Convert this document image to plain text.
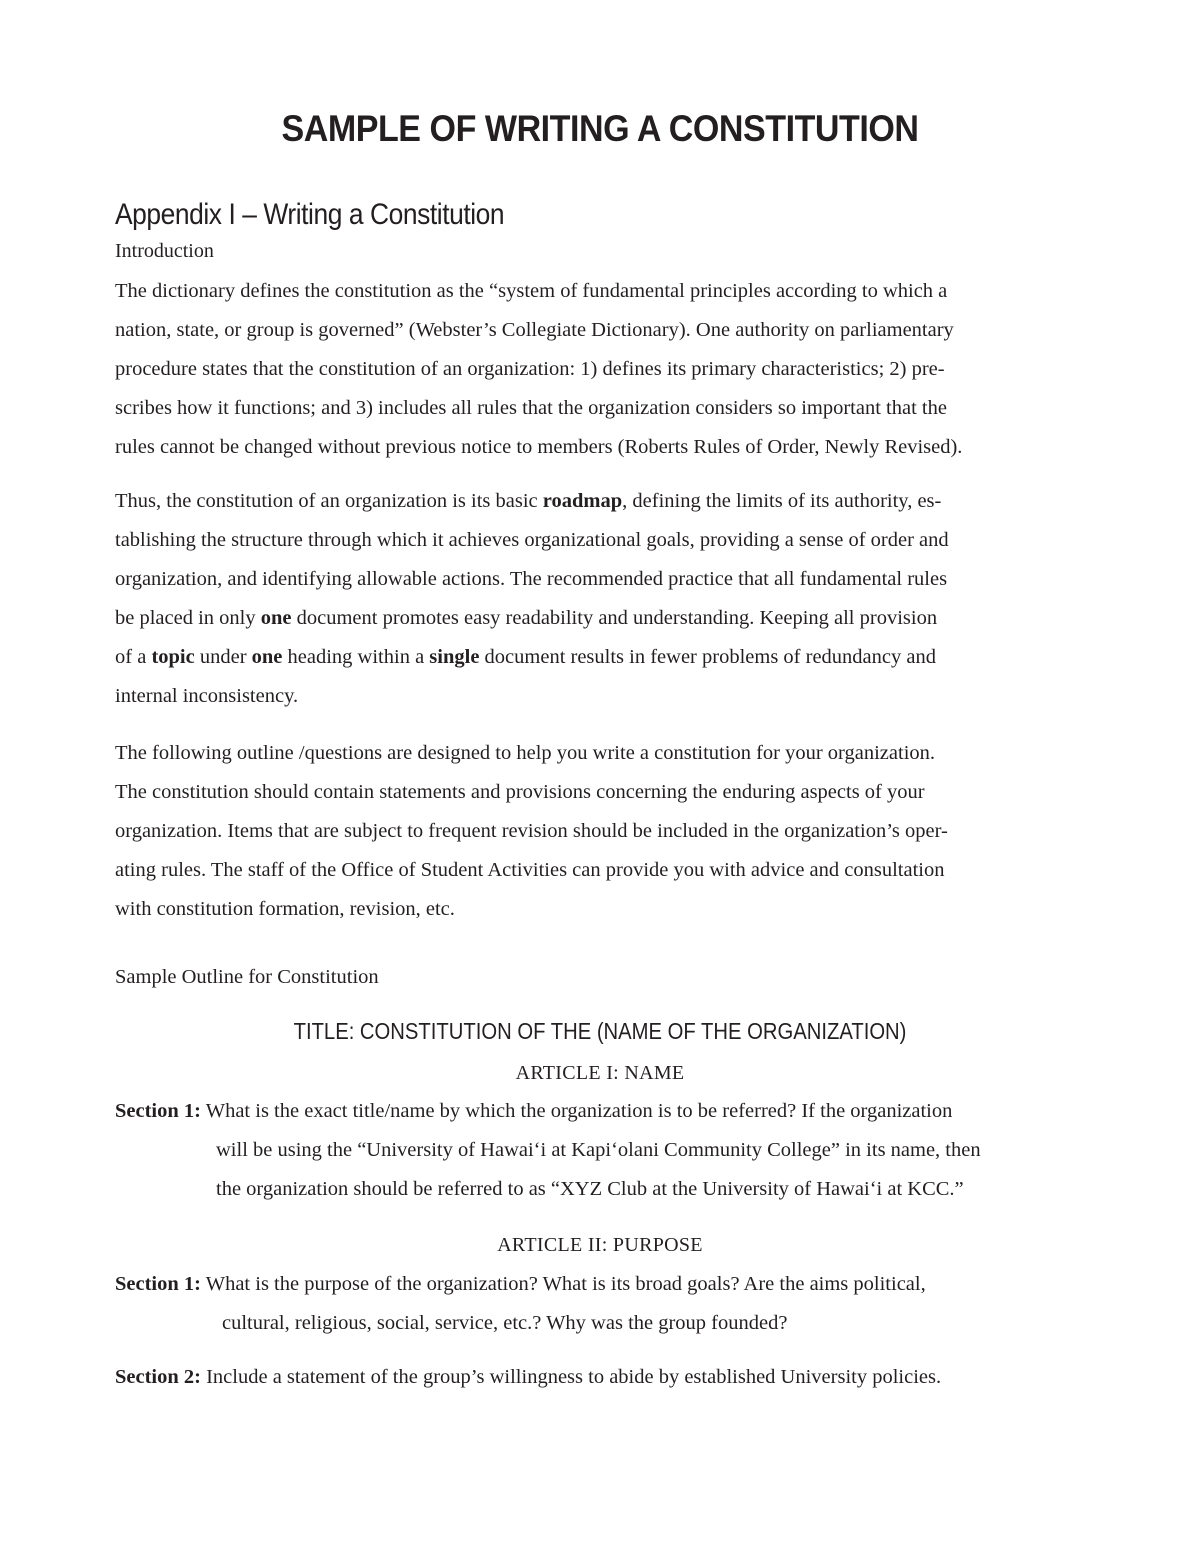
SAMPLE OF WRITING A CONSTITUTION
Appendix I – Writing a Constitution
Introduction

The dictionary defines the constitution as the “system of fundamental principles according to which a
nation, state, or group is governed” (Webster’s Collegiate Dictionary). One authority on parliamentary
procedure states that the constitution of an organization: 1) defines its primary characteristics; 2) pre-
scribes how it functions; and 3) includes all rules that the organization considers so important that the
rules cannot be changed without previous notice to members (Roberts Rules of Order, Newly Revised).

Thus, the constitution of an organization is its basic roadmap, defining the limits of its authority, es-
tablishing the structure through which it achieves organizational goals, providing a sense of order and
organization, and identifying allowable actions. The recommended practice that all fundamental rules
be placed in only one document promotes easy readability and understanding. Keeping all provision
of a topic under one heading within a single document results in fewer problems of redundancy and
internal inconsistency.

The following outline /questions are designed to help you write a constitution for your organization.
The constitution should contain statements and provisions concerning the enduring aspects of your
organization. Items that are subject to frequent revision should be included in the organization’s oper-
ating rules. The staff of the Office of Student Activities can provide you with advice and consultation
with constitution formation, revision, etc.

Sample Outline for Constitution
TITLE: CONSTITUTION OF THE (NAME OF THE ORGANIZATION)
ARTICLE I: NAME
Section 1: What is the exact title/name by which the organization is to be referred? If the organization
will be using the “University of Hawai‘i at Kapi‘olani Community College” in its name, then
the organization should be referred to as “XYZ Club at the University of Hawai‘i at KCC.”
ARTICLE II: PURPOSE
Section 1: What is the purpose of the organization? What is its broad goals? Are the aims political,
cultural, religious, social, service, etc.? Why was the group founded?
Section 2: Include a statement of the group’s willingness to abide by established University policies.
